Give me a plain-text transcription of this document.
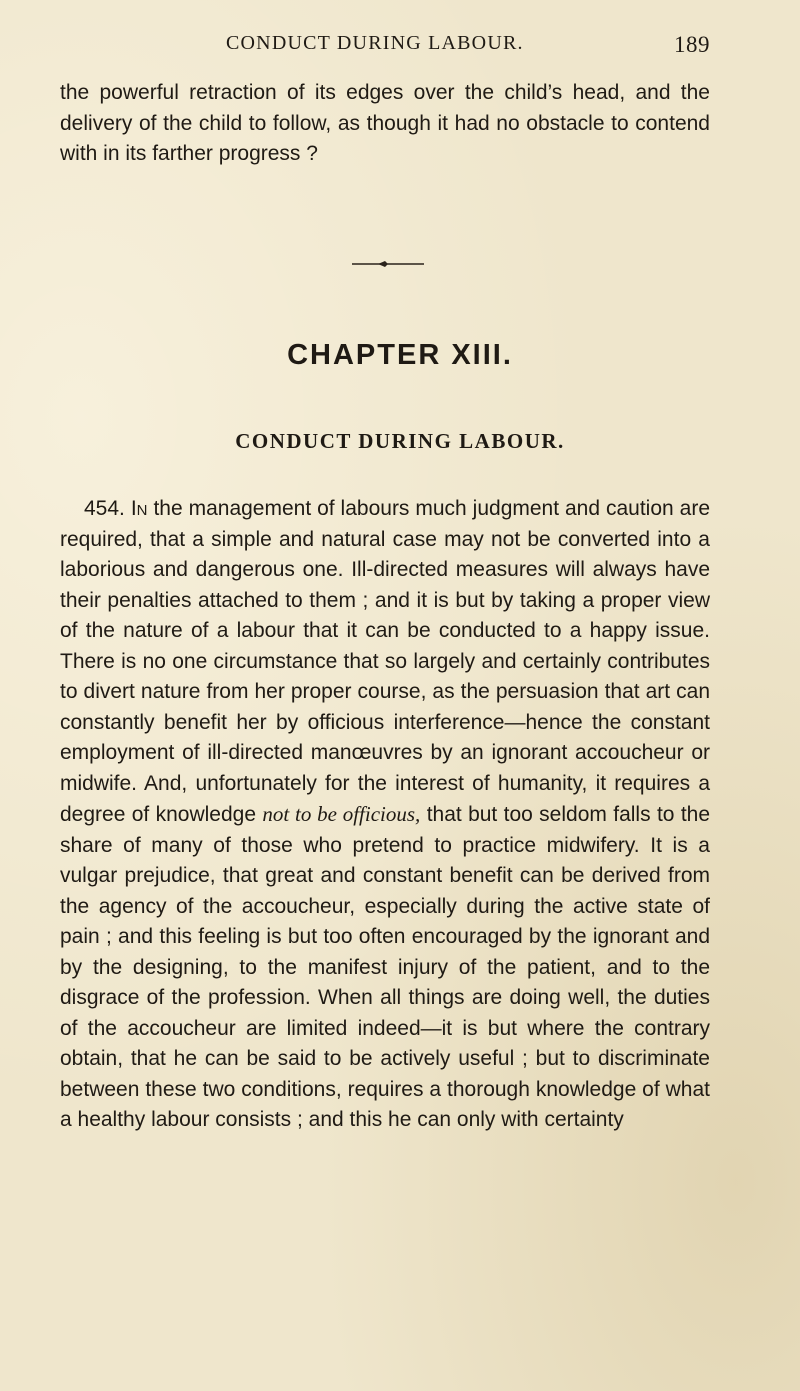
CONDUCT DURING LABOUR.	189

the powerful retraction of its edges over the child’s head, and the delivery of the child to follow, as though it had no obstacle to contend with in its farther progress ?

CHAPTER XIII.
CONDUCT DURING LABOUR.

454. In the management of labours much judgment and caution are required, that a simple and natural case may not be converted into a laborious and dangerous one. Ill-directed measures will always have their penalties attached to them ; and it is but by taking a proper view of the nature of a labour that it can be conducted to a happy issue. There is no one circumstance that so largely and certainly contributes to divert nature from her proper course, as the persuasion that art can constantly benefit her by officious interference—hence the constant employment of ill-directed manœuvres by an ignorant accoucheur or midwife. And, unfortunately for the interest of humanity, it requires a degree of knowledge not to be officious, that but too seldom falls to the share of many of those who pretend to practice midwifery. It is a vulgar prejudice, that great and constant benefit can be derived from the agency of the accoucheur, especially during the active state of pain ; and this feeling is but too often encouraged by the ignorant and by the designing, to the manifest injury of the patient, and to the disgrace of the profession. When all things are doing well, the duties of the accoucheur are limited indeed—it is but where the contrary obtain, that he can be said to be actively useful ; but to discriminate between these two conditions, requires a thorough knowledge of what a healthy labour consists ; and this he can only with certainty
